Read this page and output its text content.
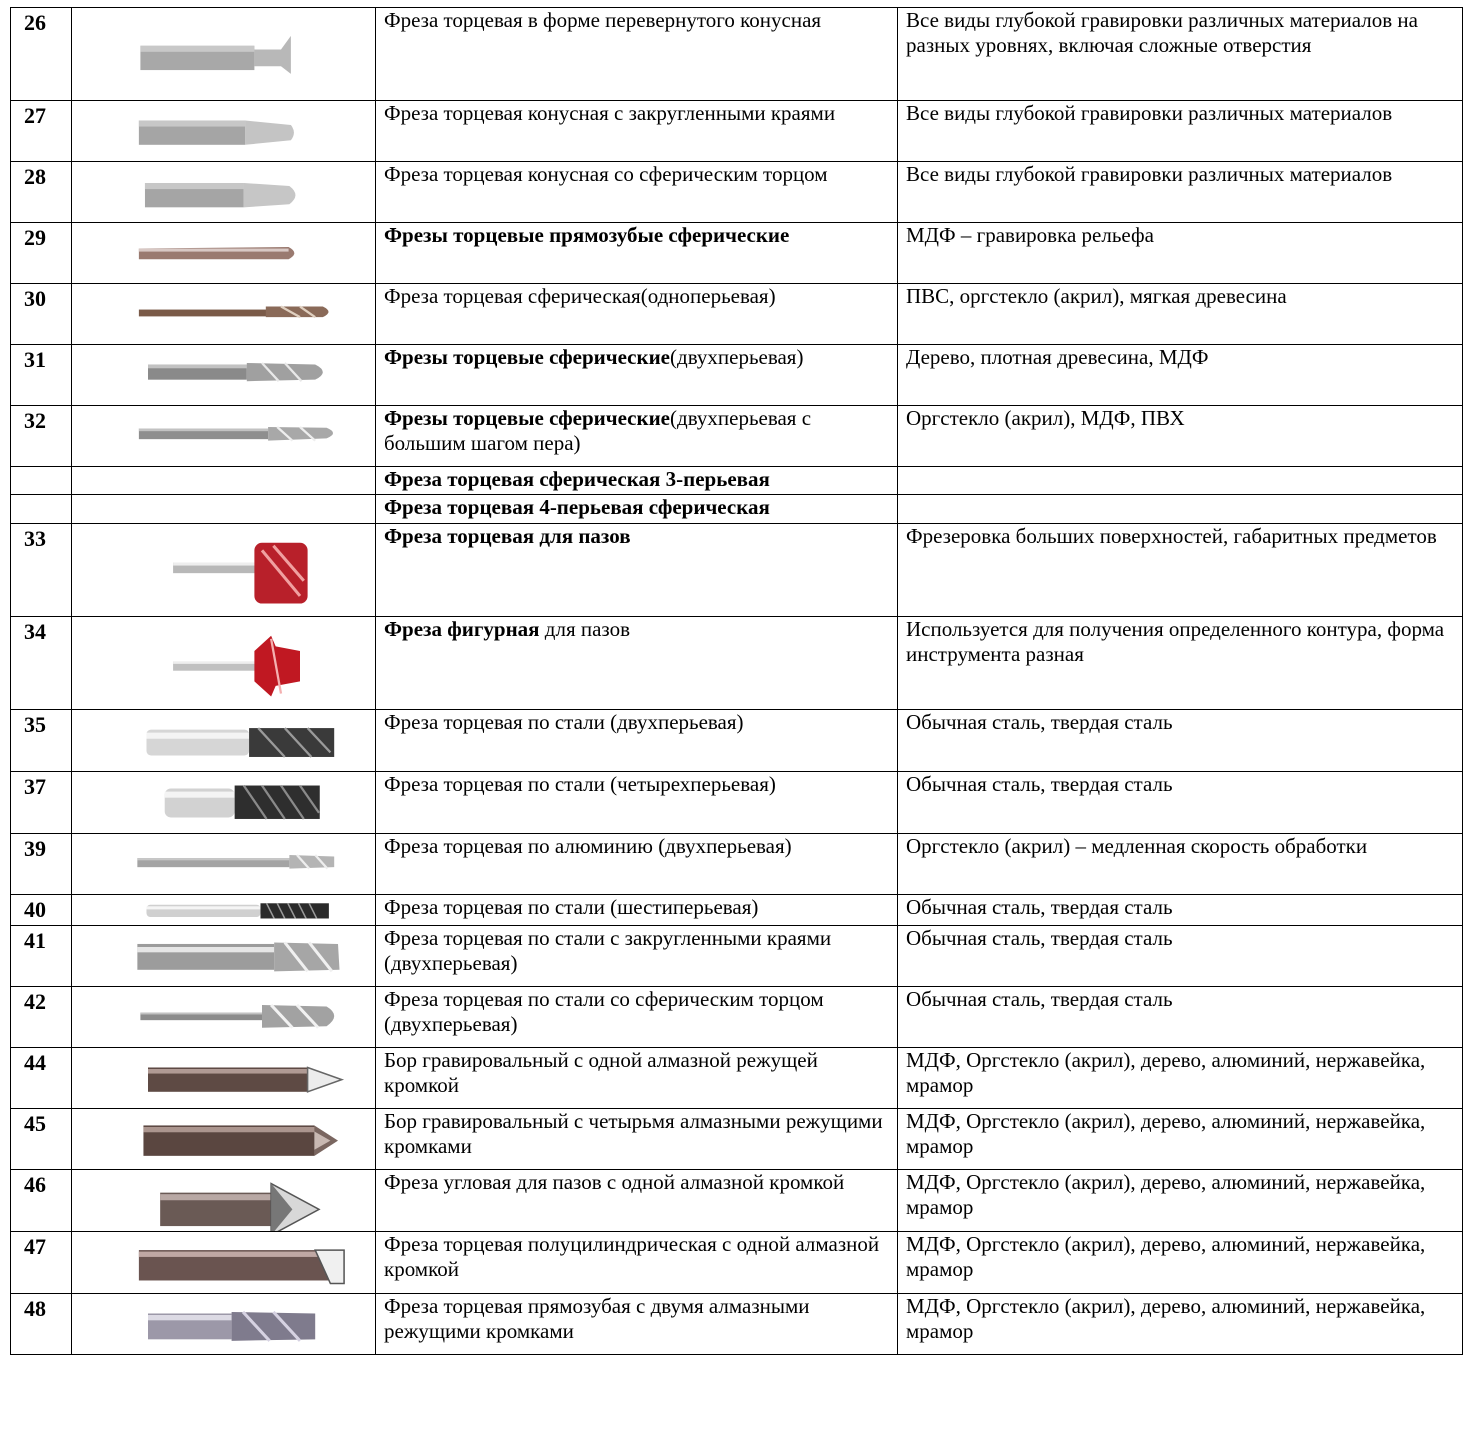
26		Фреза торцевая в форме перевернутого конусная	Все виды глубокой гравировки различных материалов на разных уровнях, включая сложные отверстия
27		Фреза торцевая конусная с закругленными краями	Все виды глубокой гравировки различных материалов
28		Фреза торцевая конусная со сферическим торцом	Все виды глубокой гравировки различных материалов
29		Фрезы торцевые прямозубые сферические	МДФ – гравировка рельефа
30		Фреза торцевая сферическая(одноперьевая)	ПВС, оргстекло (акрил), мягкая древесина
31		Фрезы торцевые сферические(двухперьевая)	Дерево, плотная древесина, МДФ
32		Фрезы торцевые сферические(двухперьевая с большим шагом пера)	Оргстекло (акрил), МДФ, ПВХ
		Фреза торцевая сферическая 3-перьевая	
		Фреза торцевая 4-перьевая сферическая	
33		Фреза торцевая для пазов	Фрезеровка больших поверхностей, габаритных предметов
34		Фреза фигурная для пазов	Используется для получения определенного контура, форма инструмента разная
35		Фреза торцевая по стали (двухперьевая)	Обычная сталь, твердая сталь
37		Фреза торцевая по стали (четырехперьевая)	Обычная сталь, твердая сталь
39		Фреза торцевая по алюминию (двухперьевая)	Оргстекло (акрил) – медленная скорость обработки
40		Фреза торцевая по стали (шестиперьевая)	Обычная сталь, твердая сталь
41		Фреза торцевая по стали с закругленными краями (двухперьевая)	Обычная сталь, твердая сталь
42		Фреза торцевая по стали со сферическим торцом (двухперьевая)	Обычная сталь, твердая сталь
44		Бор гравировальный с одной алмазной режущей кромкой	МДФ, Оргстекло (акрил), дерево, алюминий, нержавейка, мрамор
45		Бор гравировальный с четырьмя алмазными режущими кромками	МДФ, Оргстекло (акрил), дерево, алюминий, нержавейка, мрамор
46		Фреза угловая для пазов с одной алмазной кромкой	МДФ, Оргстекло (акрил), дерево, алюминий, нержавейка, мрамор
47		Фреза торцевая полуцилиндрическая с одной алмазной кромкой	МДФ, Оргстекло (акрил), дерево, алюминий, нержавейка, мрамор
48		Фреза торцевая прямозубая с двумя алмазными режущими кромками	МДФ, Оргстекло (акрил), дерево, алюминий, нержавейка, мрамор
